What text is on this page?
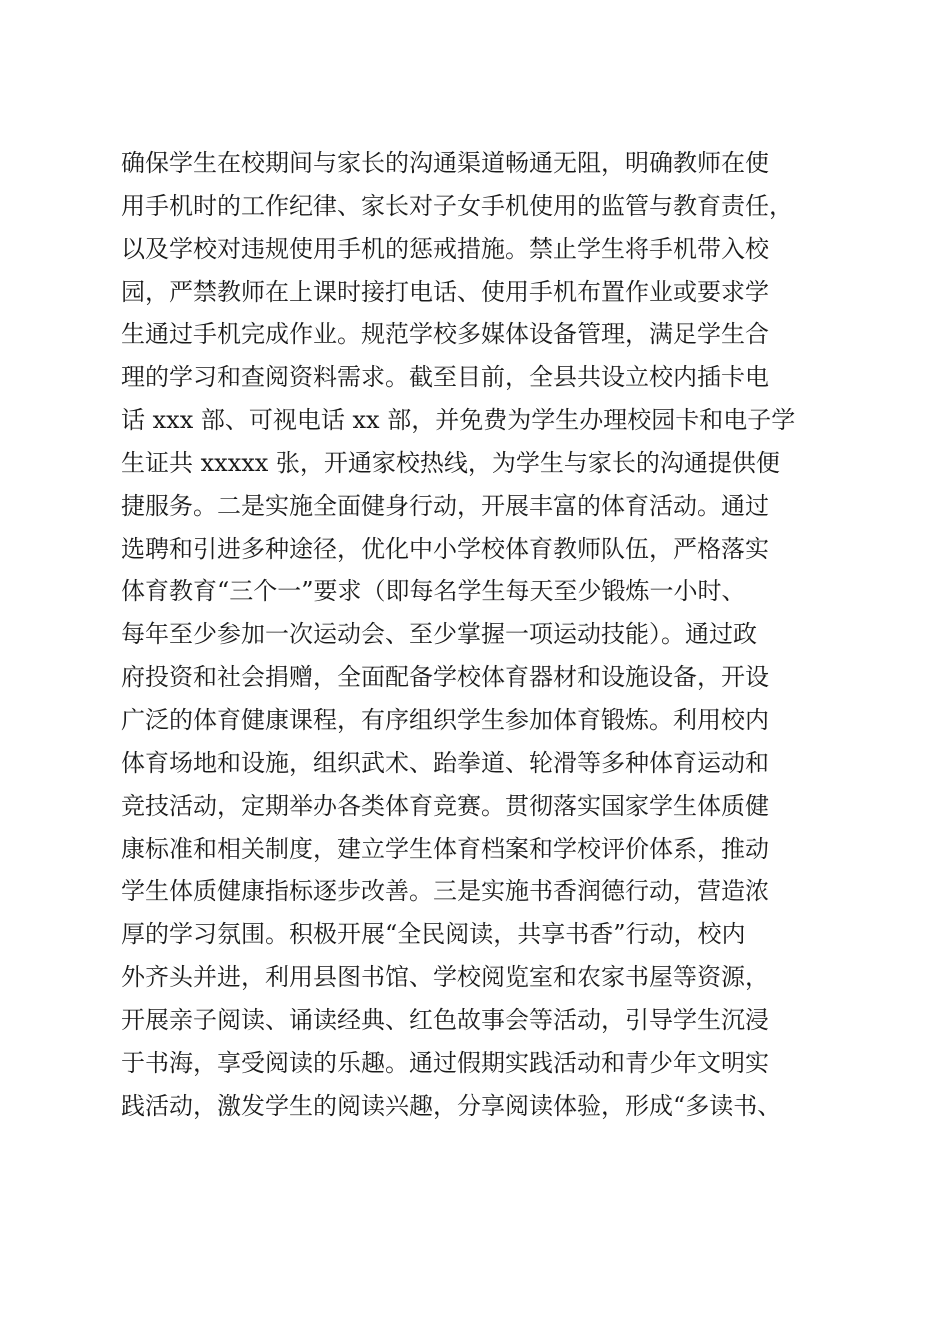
确保学生在校期间与家长的沟通渠道畅通无阻，明确教师在使
用手机时的工作纪律、家长对子女手机使用的监管与教育责任，
以及学校对违规使用手机的惩戒措施。禁止学生将手机带入校
园，严禁教师在上课时接打电话、使用手机布置作业或要求学
生通过手机完成作业。规范学校多媒体设备管理，满足学生合
理的学习和查阅资料需求。截至目前，全县共设立校内插卡电
话 xxx 部、可视电话 xx 部，并免费为学生办理校园卡和电子学
生证共 xxxxx 张，开通家校热线，为学生与家长的沟通提供便
捷服务。二是实施全面健身行动，开展丰富的体育活动。通过
选聘和引进多种途径，优化中小学校体育教师队伍，严格落实
体育教育“三个一”要求（即每名学生每天至少锻炼一小时、
每年至少参加一次运动会、至少掌握一项运动技能）。通过政
府投资和社会捐赠，全面配备学校体育器材和设施设备，开设
广泛的体育健康课程，有序组织学生参加体育锻炼。利用校内
体育场地和设施，组织武术、跆拳道、轮滑等多种体育运动和
竞技活动，定期举办各类体育竞赛。贯彻落实国家学生体质健
康标准和相关制度，建立学生体育档案和学校评价体系，推动
学生体质健康指标逐步改善。三是实施书香润德行动，营造浓
厚的学习氛围。积极开展“全民阅读，共享书香”行动，校内
外齐头并进，利用县图书馆、学校阅览室和农家书屋等资源，
开展亲子阅读、诵读经典、红色故事会等活动，引导学生沉浸
于书海，享受阅读的乐趣。通过假期实践活动和青少年文明实
践活动，激发学生的阅读兴趣，分享阅读体验，形成“多读书、
